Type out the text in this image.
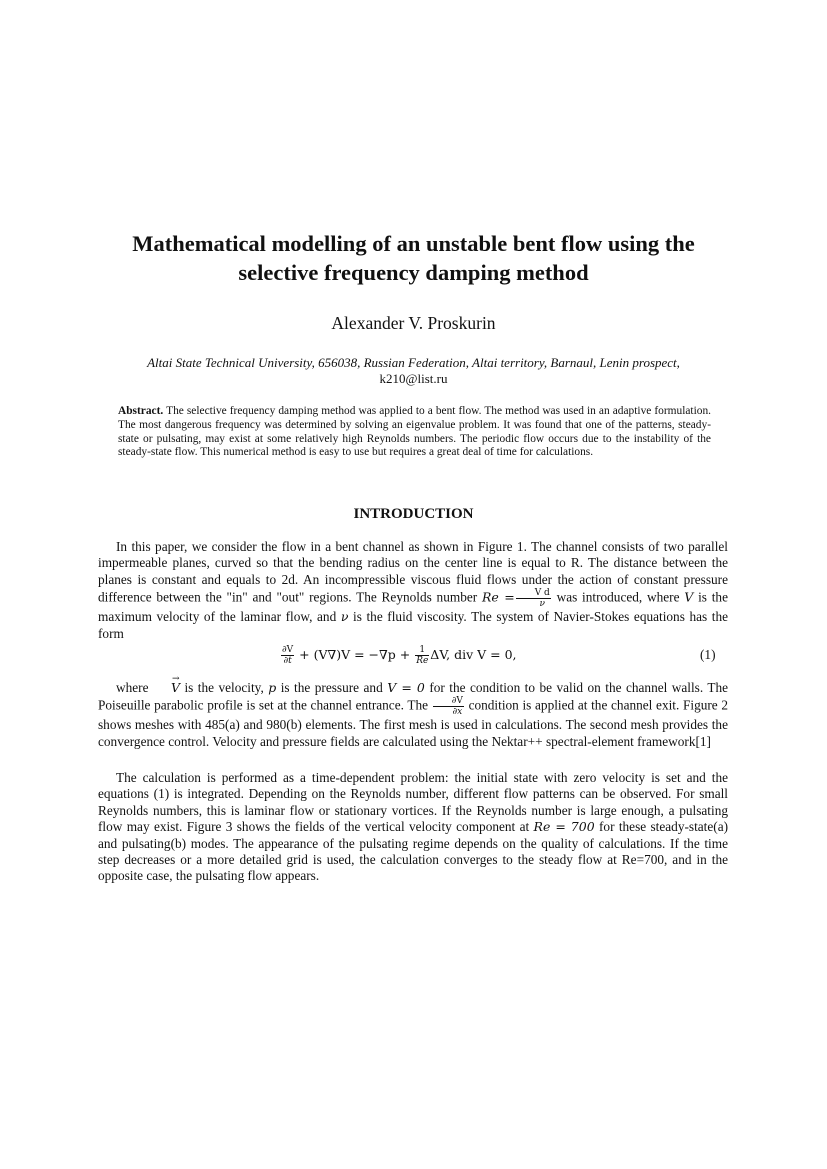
Mathematical modelling of an unstable bent flow using the
selective frequency damping method
Alexander V. Proskurin
Altai State Technical University, 656038, Russian Federation, Altai territory, Barnaul, Lenin prospect,
k210@list.ru
Abstract. The selective frequency damping method was applied to a bent flow. The method was used in an adaptive formulation. The most dangerous frequency was determined by solving an eigenvalue problem. It was found that one of the patterns, steady-state or pulsating, may exist at some relatively high Reynolds numbers. The periodic flow occurs due to the instability of the steady-state flow. This numerical method is easy to use but requires a great deal of time for calculations.
INTRODUCTION
In this paper, we consider the flow in a bent channel as shown in Figure 1. The channel consists of two parallel impermeable planes, curved so that the bending radius on the center line is equal to R. The distance between the planes is constant and equals to 2d. An incompressible viscous fluid flows under the action of constant pressure difference between the "in" and "out" regions. The Reynolds number $Re = \frac{\text{V d}}{\nu}$ was introduced, where V is the maximum velocity of the laminar flow, and ν is the fluid viscosity. The system of Navier-Stokes equations has the form
$\frac{\partial V}{\partial t} + (V\nabla)V = -\nabla p + \frac{1}{Re} \Delta V$, div V = 0,	(1)
where → V is the velocity, p is the pressure and V = 0 for the condition to be valid on the channel walls. The Poiseuille parabolic profile is set at the channel entrance. The $\frac{\partial V}{\partial x}$ condition is applied at the channel exit. Figure 2 shows meshes with 485(a) and 980(b) elements. The first mesh is used in calculations. The second mesh provides the convergence control. Velocity and pressure fields are calculated using the Nektar++ spectral-element framework[1]
The calculation is performed as a time-dependent problem: the initial state with zero velocity is set and the equations (1) is integrated. Depending on the Reynolds number, different flow patterns can be observed. For small Reynolds numbers, this is laminar flow or stationary vortices. If the Reynolds number is large enough, a pulsating flow may exist. Figure 3 shows the fields of the vertical velocity component at Re = 700 for these steady-state(a) and pulsating(b) modes. The appearance of the pulsating regime depends on the quality of calculations. If the time step decreases or a more detailed grid is used, the calculation converges to the steady flow at Re=700, and in the opposite case, the pulsating flow appears.
